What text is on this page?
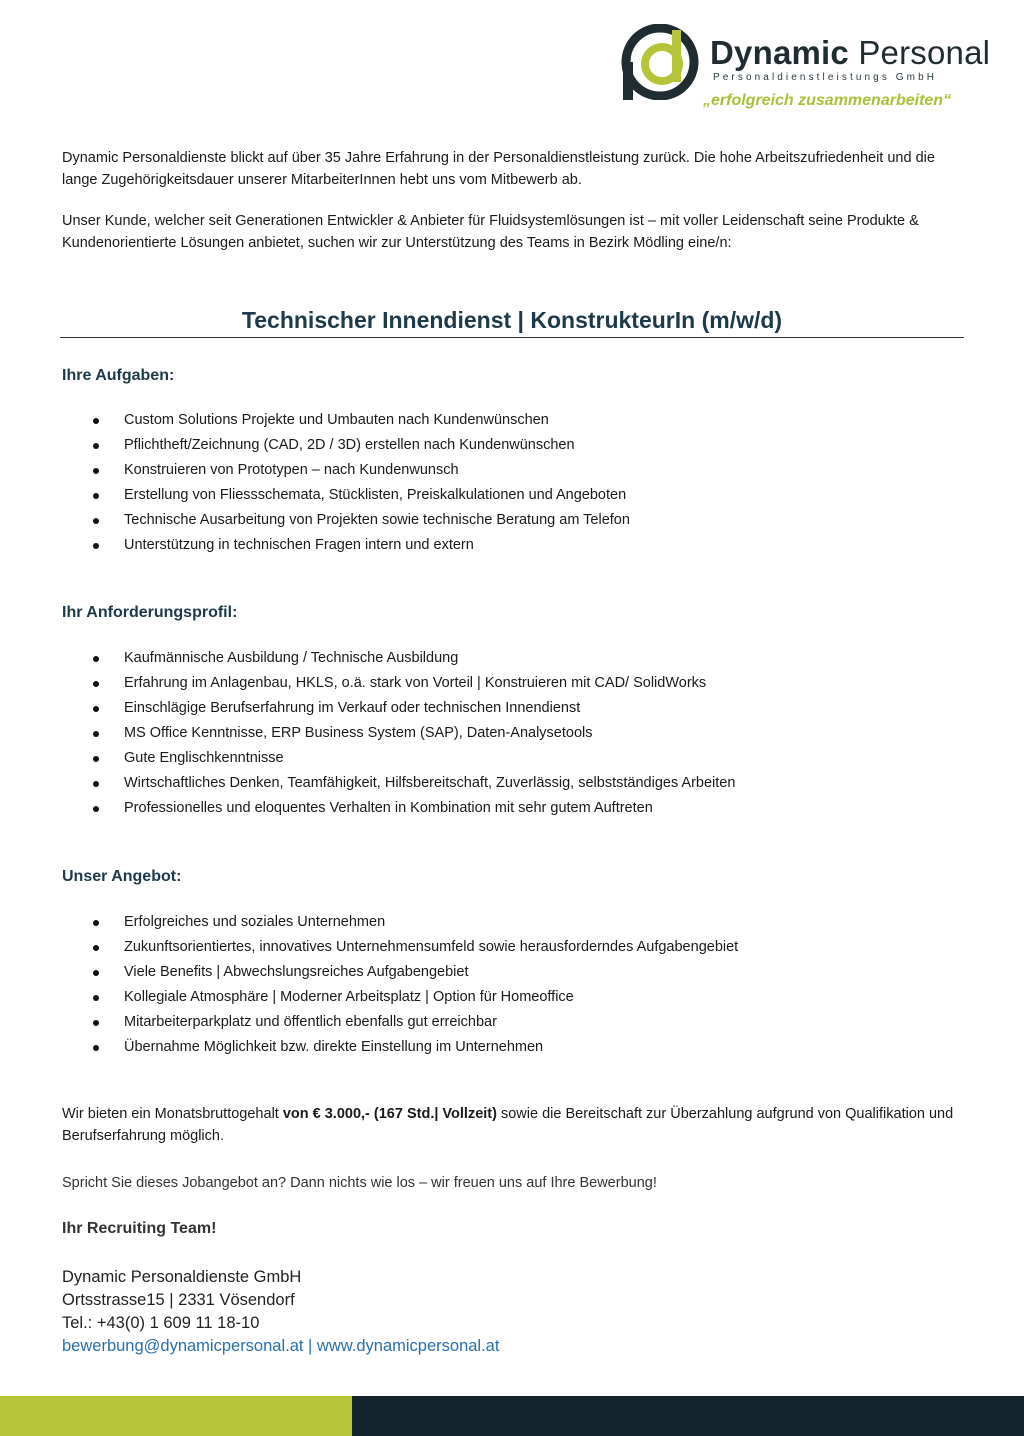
Dynamic Personal
Personaldienstleistungs GmbH
„erfolgreich zusammenarbeiten“

Dynamic Personaldienste blickt auf über 35 Jahre Erfahrung in der Personaldienstleistung zurück. Die hohe Arbeitszufriedenheit und die lange Zugehörigkeitsdauer unserer MitarbeiterInnen hebt uns vom Mitbewerb ab.

Unser Kunde, welcher seit Generationen Entwickler & Anbieter für Fluidsystemlösungen ist – mit voller Leidenschaft seine Produkte & Kundenorientierte Lösungen anbietet, suchen wir zur Unterstützung des Teams in Bezirk Mödling eine/n:

Ihre Aufgaben:
Custom Solutions Projekte und Umbauten nach Kundenwünschen
Pflichtheft/Zeichnung (CAD, 2D / 3D) erstellen nach Kundenwünschen
Konstruieren von Prototypen – nach Kundenwunsch
Erstellung von Fliessschemata, Stücklisten, Preiskalkulationen und Angeboten
Technische Ausarbeitung von Projekten sowie technische Beratung am Telefon
Unterstützung in technischen Fragen intern und extern
Ihr Anforderungsprofil:
Kaufmännische Ausbildung / Technische Ausbildung
Erfahrung im Anlagenbau, HKLS, o.ä. stark von Vorteil | Konstruieren mit CAD/ SolidWorks
Einschlägige Berufserfahrung im Verkauf oder technischen Innendienst
MS Office Kenntnisse, ERP Business System (SAP), Daten-Analysetools
Gute Englischkenntnisse
Wirtschaftliches Denken, Teamfähigkeit, Hilfsbereitschaft, Zuverlässig, selbstständiges Arbeiten
Professionelles und eloquentes Verhalten in Kombination mit sehr gutem Auftreten
Unser Angebot:
Erfolgreiches und soziales Unternehmen
Zukunftsorientiertes, innovatives Unternehmensumfeld sowie herausforderndes Aufgabengebiet
Viele Benefits | Abwechslungsreiches Aufgabengebiet
Kollegiale Atmosphäre | Moderner Arbeitsplatz | Option für Homeoffice
Mitarbeiterparkplatz und öffentlich ebenfalls gut erreichbar
Übernahme Möglichkeit bzw. direkte Einstellung im Unternehmen

Wir bieten ein Monatsbruttogehalt von € 3.000,- (167 Std.| Vollzeit) sowie die Bereitschaft zur Überzahlung aufgrund von Qualifikation und Berufserfahrung möglich.

Spricht Sie dieses Jobangebot an? Dann nichts wie los – wir freuen uns auf Ihre Bewerbung!

Ihr Recruiting Team!

Dynamic Personaldienste GmbH

Ortsstrasse15 | 2331 Vösendorf

Tel.: +43(0) 1 609 11 18-10

bewerbung@dynamicpersonal.at | www.dynamicpersonal.at

Technischer Innendienst | KonstrukteurIn (m/w/d)
